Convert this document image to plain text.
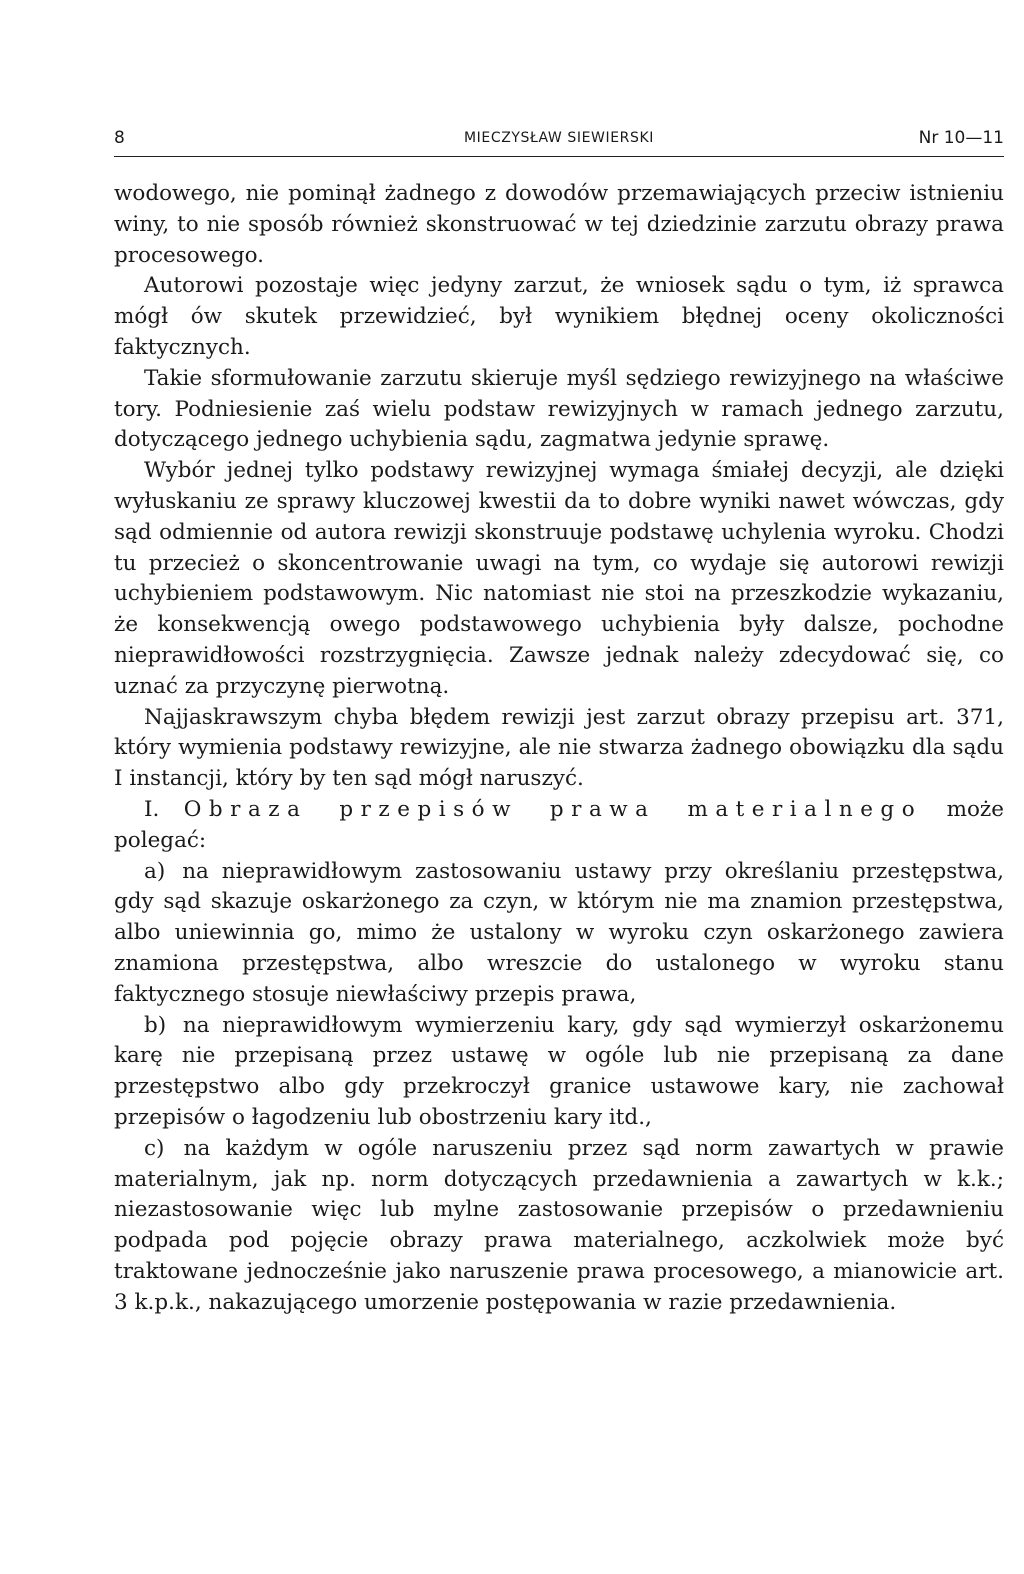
8	MIECZYSŁAW SIEWIERSKI	Nr 10—11

wodowego, nie pominął żadnego z dowodów przemawiających przeciw istnieniu winy, to nie sposób również skonstruować w tej dziedzinie zarzutu obrazy prawa procesowego.

Autorowi pozostaje więc jedyny zarzut, że wniosek sądu o tym, iż sprawca mógł ów skutek przewidzieć, był wynikiem błędnej oceny okoliczności faktycznych.

Takie sformułowanie zarzutu skieruje myśl sędziego rewizyjnego na właściwe tory. Podniesienie zaś wielu podstaw rewizyjnych w ramach jednego zarzutu, dotyczącego jednego uchybienia sądu, zagmatwa jedynie sprawę.

Wybór jednej tylko podstawy rewizyjnej wymaga śmiałej decyzji, ale dzięki wyłuskaniu ze sprawy kluczowej kwestii da to dobre wyniki nawet wówczas, gdy sąd odmiennie od autora rewizji skonstruuje podstawę uchylenia wyroku. Chodzi tu przecież o skoncentrowanie uwagi na tym, co wydaje się autorowi rewizji uchybieniem podstawowym. Nic natomiast nie stoi na przeszkodzie wykazaniu, że konsekwencją owego podstawowego uchybienia były dalsze, pochodne nieprawidłowości rozstrzygnięcia. Zawsze jednak należy zdecydować się, co uznać za przyczynę pierwotną.

Najjaskrawszym chyba błędem rewizji jest zarzut obrazy przepisu art. 371, który wymienia podstawy rewizyjne, ale nie stwarza żadnego obowiązku dla sądu I instancji, który by ten sąd mógł naruszyć.

I. Obraza przepisów prawa materialnego może polegać:

a) na nieprawidłowym zastosowaniu ustawy przy określaniu przestępstwa, gdy sąd skazuje oskarżonego za czyn, w którym nie ma znamion przestępstwa, albo uniewinnia go, mimo że ustalony w wyroku czyn oskarżonego zawiera znamiona przestępstwa, albo wreszcie do ustalonego w wyroku stanu faktycznego stosuje niewłaściwy przepis prawa,

b) na nieprawidłowym wymierzeniu kary, gdy sąd wymierzył oskarżonemu karę nie przepisaną przez ustawę w ogóle lub nie przepisaną za dane przestępstwo albo gdy przekroczył granice ustawowe kary, nie zachował przepisów o łagodzeniu lub obostrzeniu kary itd.,

c) na każdym w ogóle naruszeniu przez sąd norm zawartych w prawie materialnym, jak np. norm dotyczących przedawnienia a zawartych w k.k.; niezastosowanie więc lub mylne zastosowanie przepisów o przedawnieniu podpada pod pojęcie obrazy prawa materialnego, aczkolwiek może być traktowane jednocześnie jako naruszenie prawa procesowego, a mianowicie art. 3 k.p.k., nakazującego umorzenie postępowania w razie przedawnienia.
